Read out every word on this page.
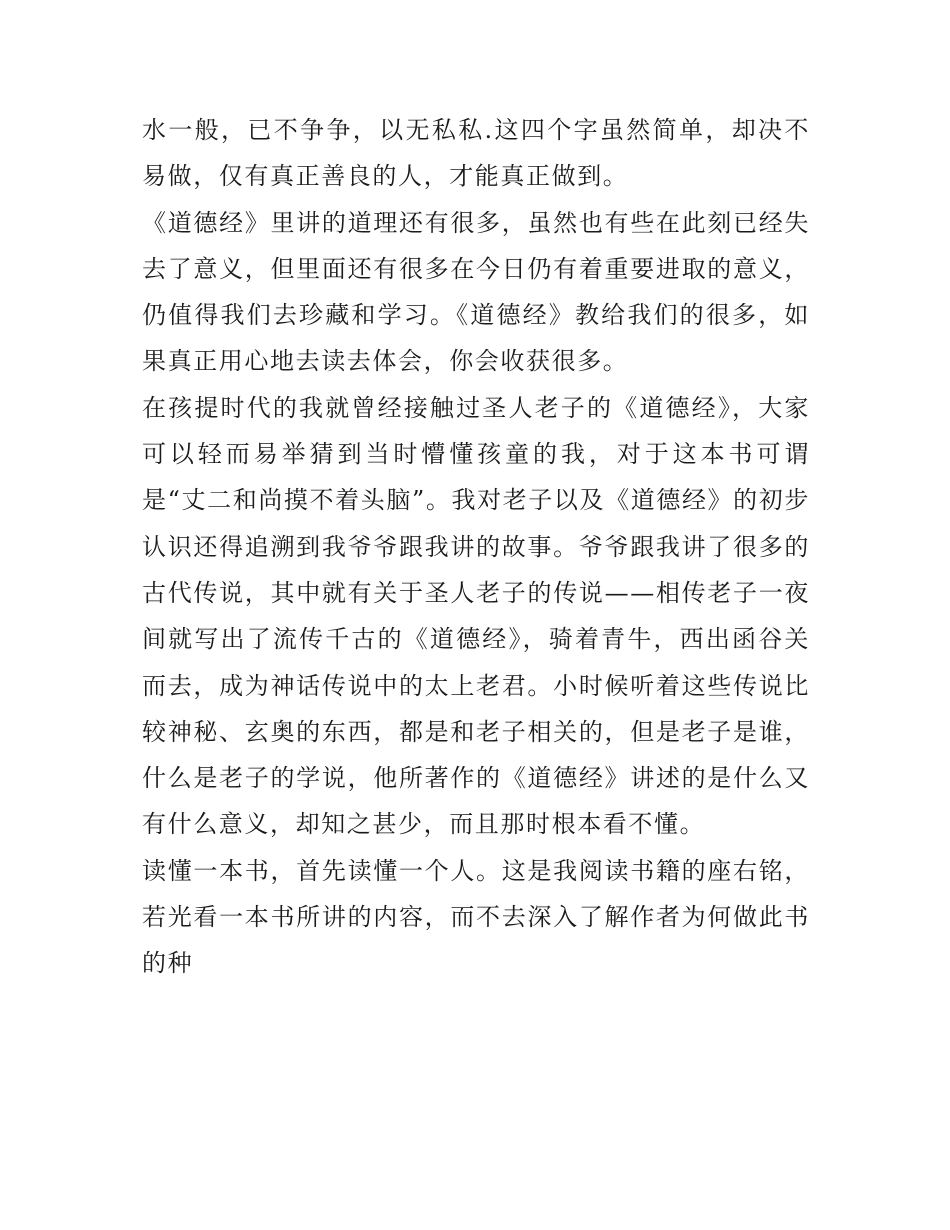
水一般，已不争争，以无私私.这四个字虽然简单，却决不易做，仅有真正善良的人，才能真正做到。

《道德经》里讲的道理还有很多，虽然也有些在此刻已经失去了意义，但里面还有很多在今日仍有着重要进取的意义，仍值得我们去珍藏和学习。《道德经》教给我们的很多，如果真正用心地去读去体会，你会收获很多。

在孩提时代的我就曾经接触过圣人老子的《道德经》，大家可以轻而易举猜到当时懵懂孩童的我，对于这本书可谓是“丈二和尚摸不着头脑”。我对老子以及《道德经》的初步认识还得追溯到我爷爷跟我讲的故事。爷爷跟我讲了很多的古代传说，其中就有关于圣人老子的传说——相传老子一夜间就写出了流传千古的《道德经》，骑着青牛，西出函谷关而去，成为神话传说中的太上老君。小时候听着这些传说比较神秘、玄奥的东西，都是和老子相关的，但是老子是谁，什么是老子的学说，他所著作的《道德经》讲述的是什么又有什么意义，却知之甚少，而且那时根本看不懂。

读懂一本书，首先读懂一个人。这是我阅读书籍的座右铭，若光看一本书所讲的内容，而不去深入了解作者为何做此书的种
